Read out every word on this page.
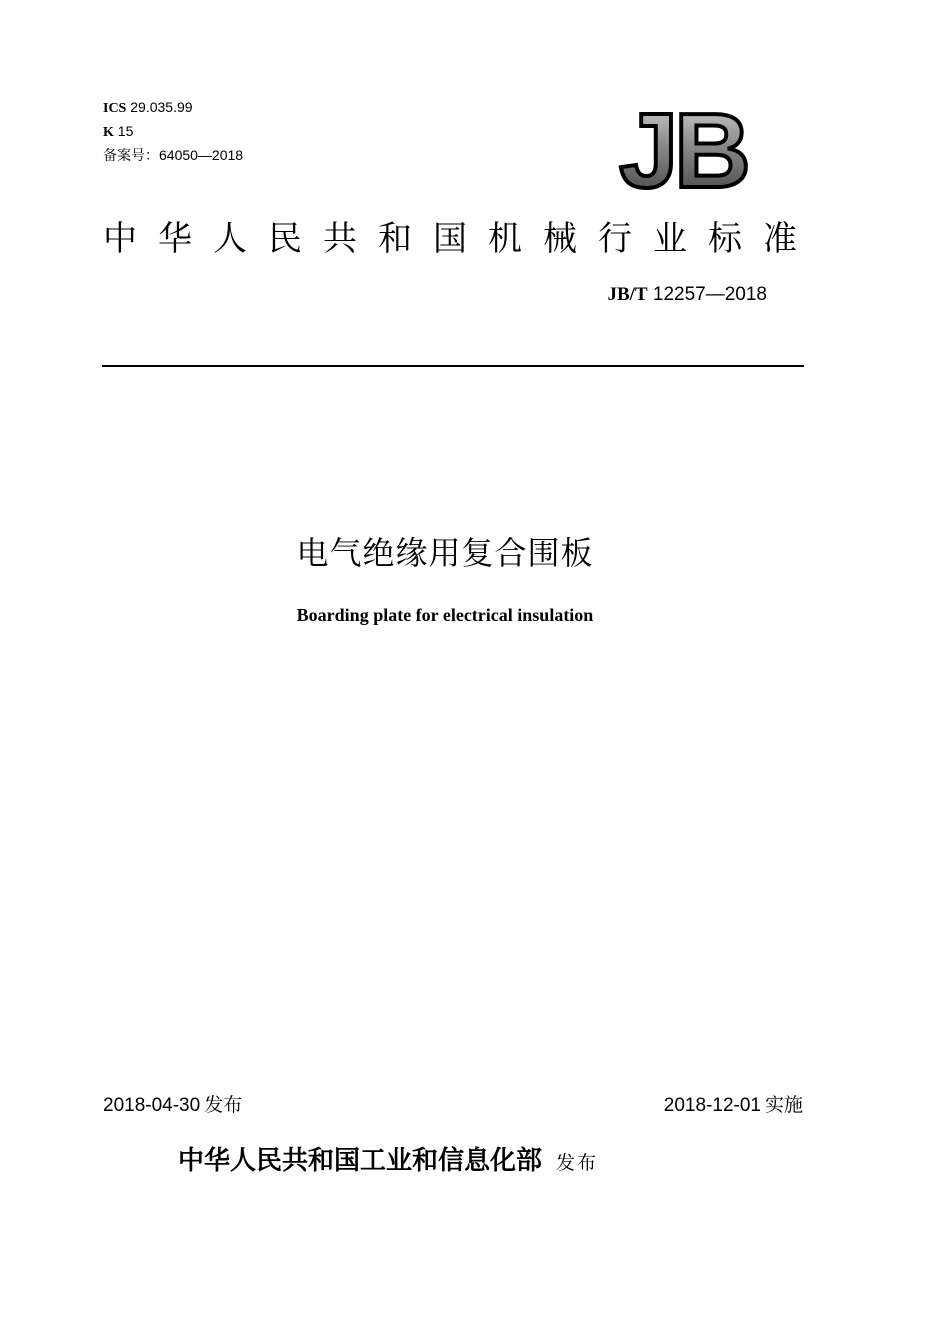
ICS 29.035.99
K 15
备案号：64050—2018	JB
中华人民共和国机械行业标准
JB/T 12257—2018
电气绝缘用复合围板
Boarding plate for electrical insulation
2018-04-30 发布	2018-12-01 实施
中华人民共和国工业和信息化部 发布
